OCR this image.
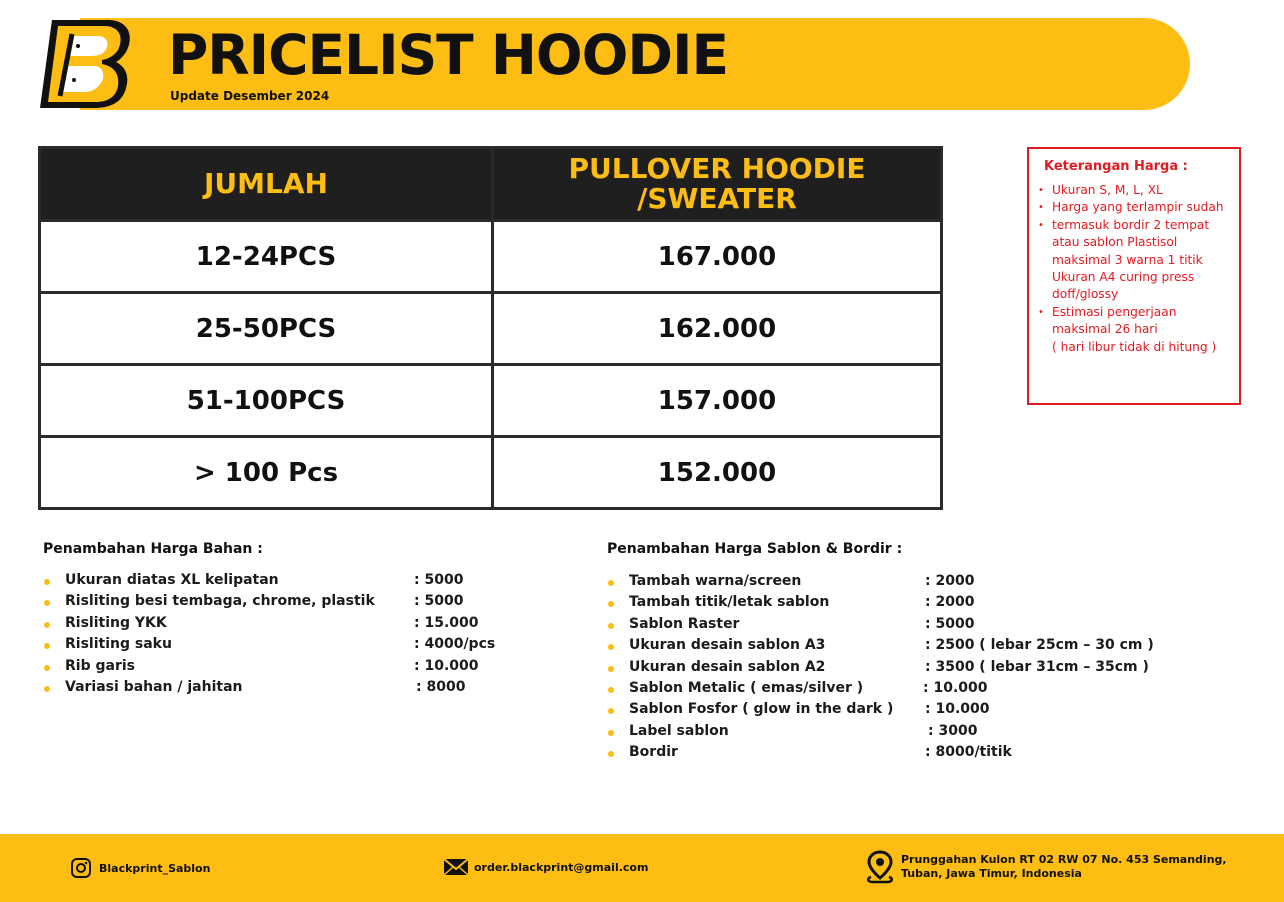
PRICELIST HOODIE
Update Desember 2024
JUMLAH	PULLOVER HOODIE
/SWEATER
12-24PCS	167.000
25-50PCS	162.000
51-100PCS	157.000
> 100 Pcs	152.000
Keterangan Harga :
• Ukuran S, M, L, XL
• Harga yang terlampir sudah
• termasuk bordir 2 tempat
atau sablon Plastisol
maksimal 3 warna 1 titik
Ukuran A4 curing press
doff/glossy
• Estimasi pengerjaan
maksimal 26 hari
( hari libur tidak di hitung )
Penambahan Harga Bahan :
Ukuran diatas XL kelipatan	: 5000
Risliting besi tembaga, chrome, plastik	: 5000
Risliting YKK	: 15.000
Risliting saku	: 4000/pcs
Rib garis	: 10.000
Variasi bahan / jahitan	: 8000
Penambahan Harga Sablon & Bordir :
Tambah warna/screen	: 2000
Tambah titik/letak sablon	: 2000
Sablon Raster	: 5000
Ukuran desain sablon A3	: 2500 ( lebar 25cm – 30 cm )
Ukuran desain sablon A2	: 3500 ( lebar 31cm – 35cm )
Sablon Metalic ( emas/silver )	: 10.000
Sablon Fosfor ( glow in the dark ) : 10.000
Label sablon	: 3000
Bordir	: 8000/titik
Blackprint_Sablon	order.blackprint@gmail.com
Prunggahan Kulon RT 02 RW 07 No. 453 Semanding,
Tuban, Jawa Timur, Indonesia
